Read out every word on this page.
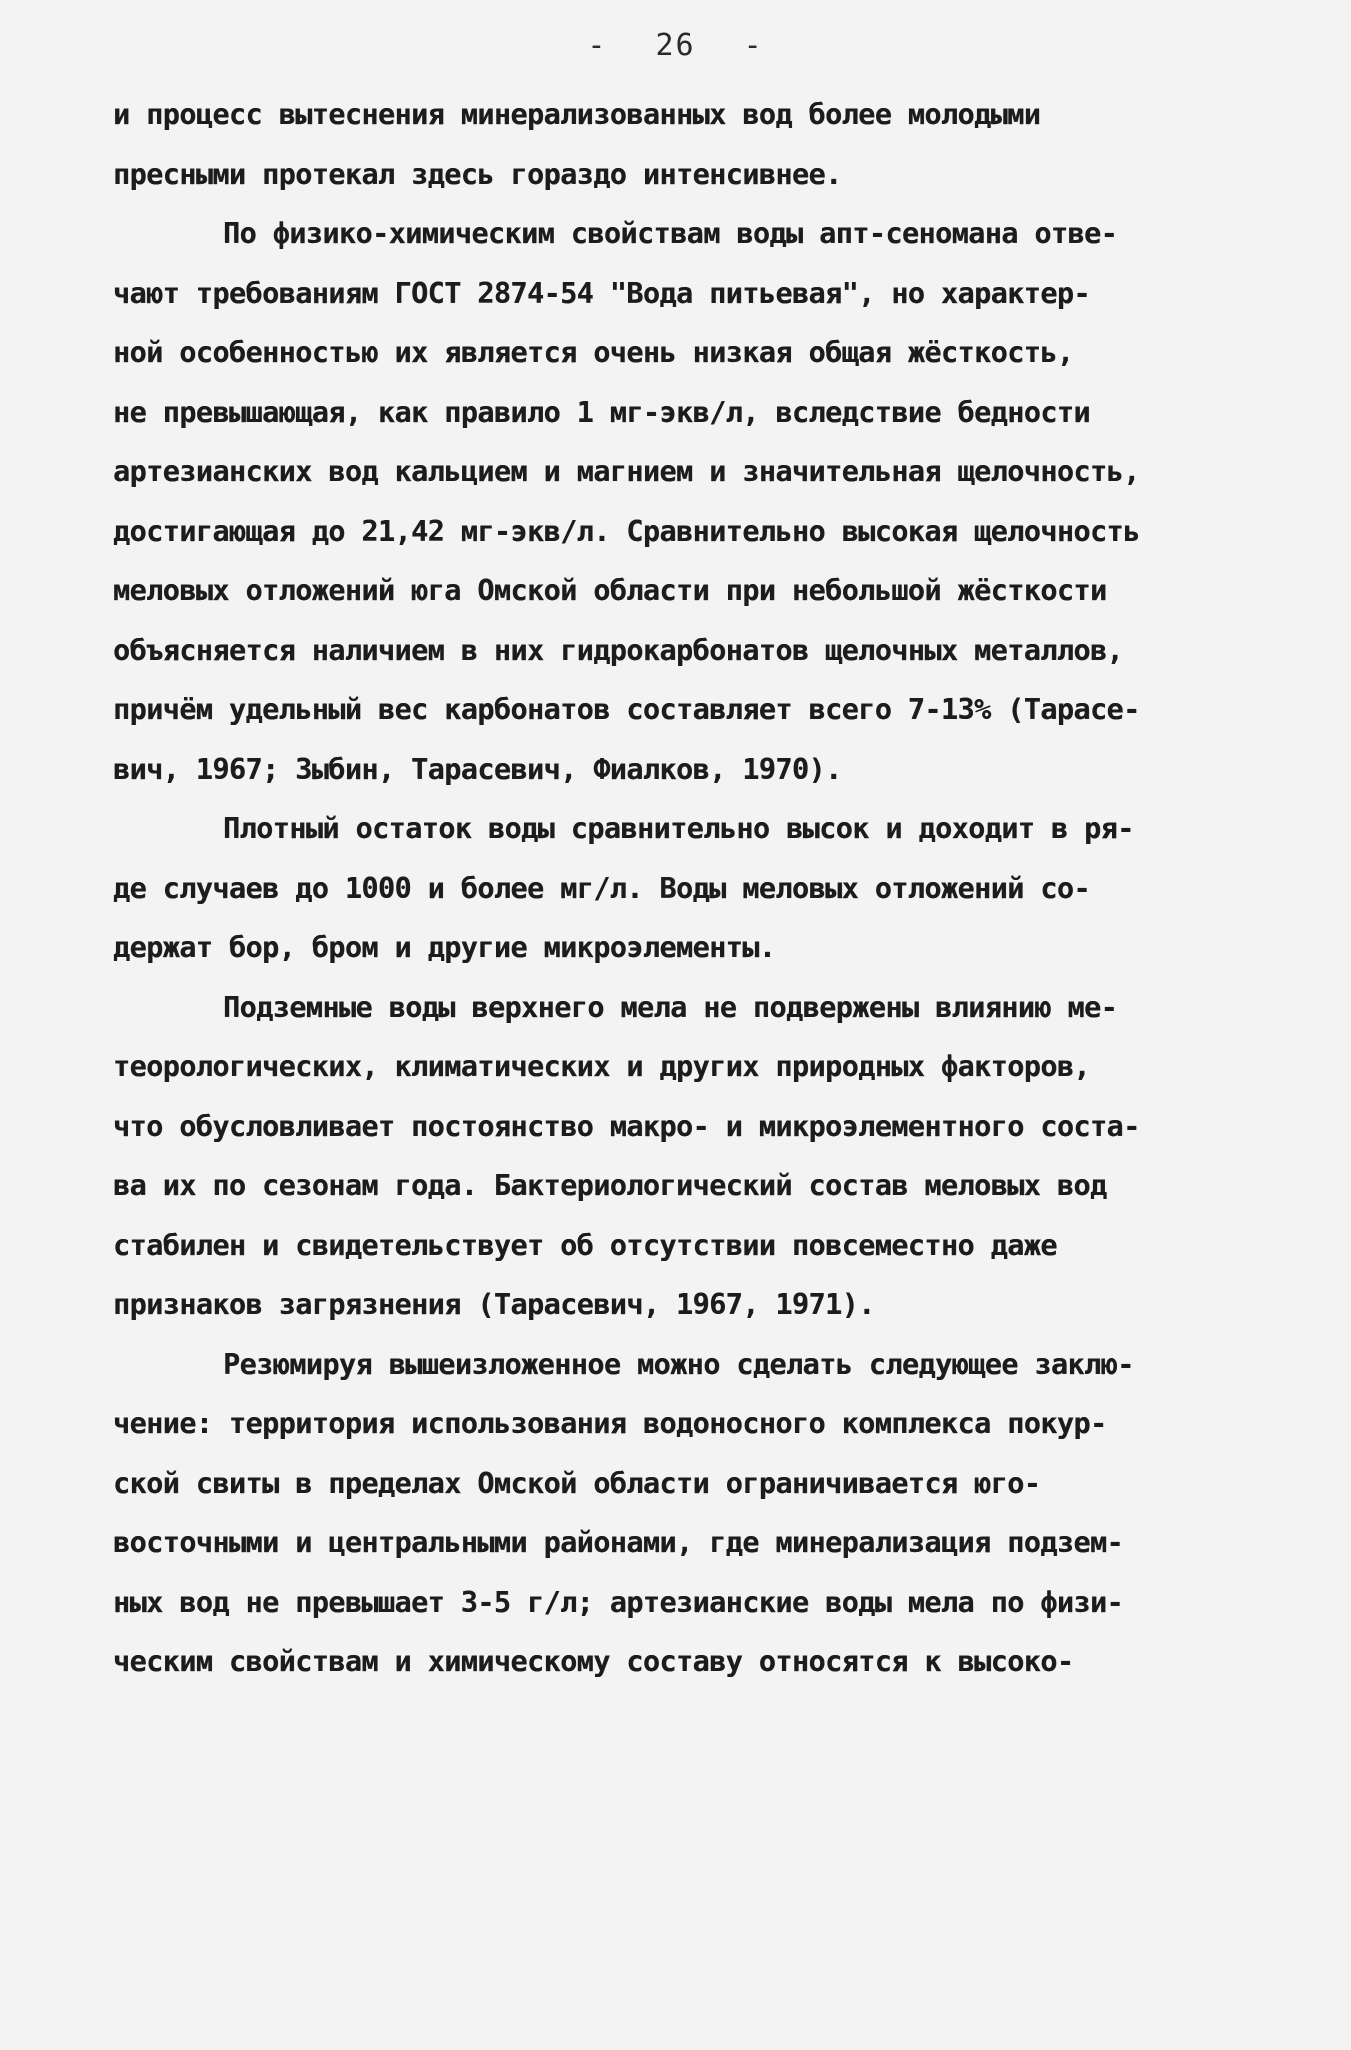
- 26 -
и процесс вытеснения минерализованных вод более молодыми
пресными протекал здесь гораздо интенсивнее.
По физико-химическим свойствам воды апт-сеномана отве-
чают требованиям ГОСТ 2874-54 "Вода питьевая", но характер-
ной особенностью их является очень низкая общая жёсткость,
не превышающая, как правило 1 мг-экв/л, вследствие бедности
артезианских вод кальцием и магнием и значительная щелочность,
достигающая до 21,42 мг-экв/л. Сравнительно высокая щелочность
меловых отложений юга Омской области при небольшой жёсткости
объясняется наличием в них гидрокарбонатов щелочных металлов,
причём удельный вес карбонатов составляет всего 7-13% (Тарасе-
вич, 1967; Зыбин, Тарасевич, Фиалков, 1970).
Плотный остаток воды сравнительно высок и доходит в ря-
де случаев до 1000 и более мг/л. Воды меловых отложений со-
держат бор, бром и другие микроэлементы.
Подземные воды верхнего мела не подвержены влиянию ме-
теорологических, климатических и других природных факторов,
что обусловливает постоянство макро- и микроэлементного соста-
ва их по сезонам года. Бактериологический состав меловых вод
стабилен и свидетельствует об отсутствии повсеместно даже
признаков загрязнения (Тарасевич, 1967, 1971).
Резюмируя вышеизложенное можно сделать следующее заклю-
чение: территория использования водоносного комплекса покур-
ской свиты в пределах Омской области ограничивается юго-
восточными и центральными районами, где минерализация подзем-
ных вод не превышает 3-5 г/л; артезианские воды мела по физи-
ческим свойствам и химическому составу относятся к высоко-
